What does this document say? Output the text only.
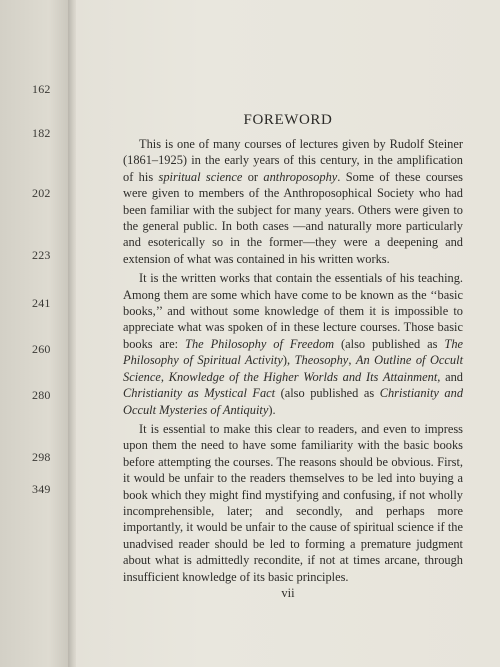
162
182
202
223
241
260
280
298
349
FOREWORD

This is one of many courses of lectures given by Rudolf Steiner (1861–1925) in the early years of this century, in the amplification of his spiritual science or anthroposophy. Some of these courses were given to members of the Anthroposophical Society who had been familiar with the subject for many years. Others were given to the general public. In both cases —and naturally more particularly and esoterically so in the former—they were a deepening and extension of what was contained in his written works.

It is the written works that contain the essentials of his teaching. Among them are some which have come to be known as the ‘‘basic books,’’ and without some knowledge of them it is impossible to appreciate what was spoken of in these lecture courses. Those basic books are: The Philosophy of Freedom (also published as The Philosophy of Spiritual Activity), Theosophy, An Outline of Occult Science, Knowledge of the Higher Worlds and Its Attainment, and Christianity as Mystical Fact (also published as Christianity and Occult Mysteries of Antiquity).

It is essential to make this clear to readers, and even to impress upon them the need to have some familiarity with the basic books before attempting the courses. The reasons should be obvious. First, it would be unfair to the readers themselves to be led into buying a book which they might find mystifying and confusing, if not wholly incomprehensible, later; and secondly, and perhaps more importantly, it would be unfair to the cause of spiritual science if the unadvised reader should be led to forming a premature judgment about what is admittedly recondite, if not at times arcane, through insufficient knowledge of its basic principles.

vii
